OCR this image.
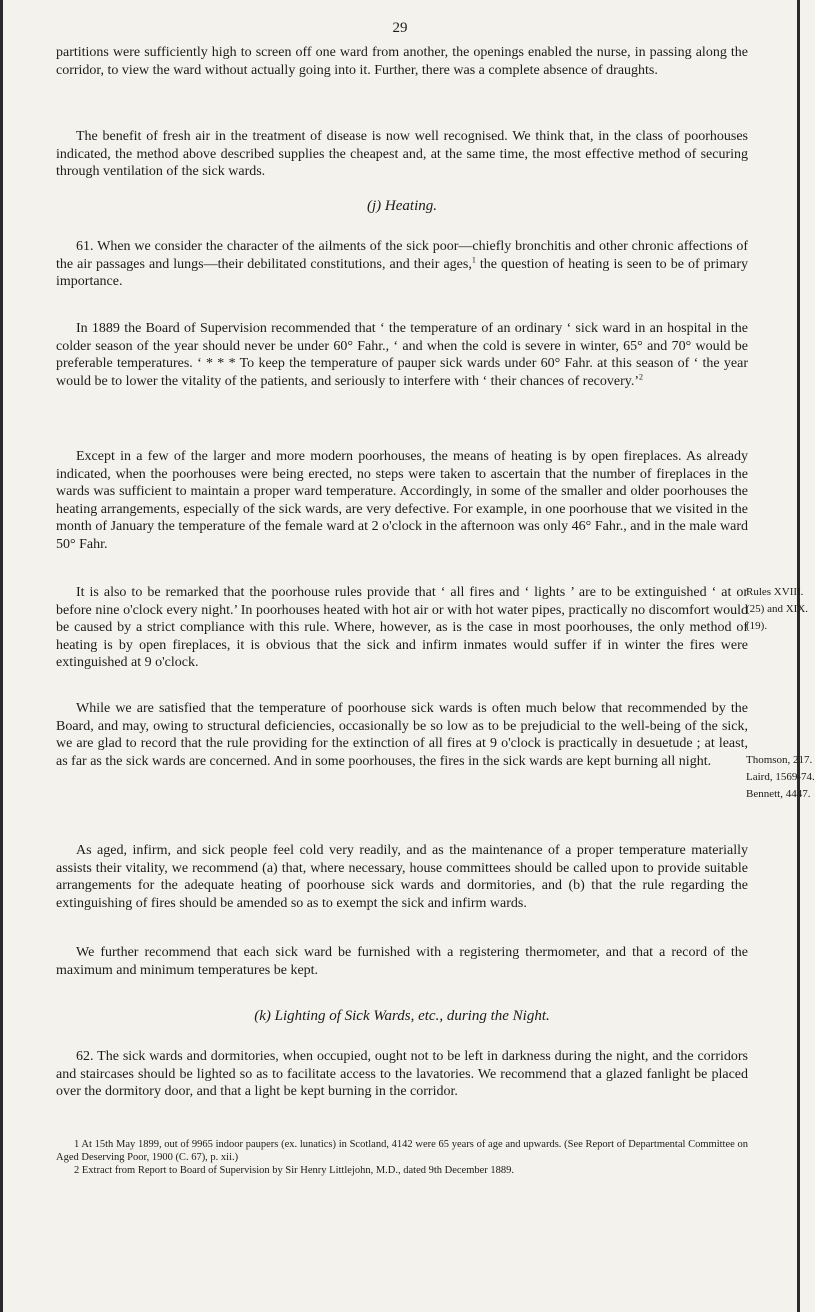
29

partitions were sufficiently high to screen off one ward from another, the openings enabled the nurse, in passing along the corridor, to view the ward without actually going into it. Further, there was a complete absence of draughts.

The benefit of fresh air in the treatment of disease is now well recognised. We think that, in the class of poorhouses indicated, the method above described supplies the cheapest and, at the same time, the most effective method of securing through ventilation of the sick wards.

(j) Heating.

61. When we consider the character of the ailments of the sick poor—chiefly bronchitis and other chronic affections of the air passages and lungs—their debilitated constitutions, and their ages,$^1$ the question of heating is seen to be of primary importance.

In 1889 the Board of Supervision recommended that ‘ the temperature of an ordinary ‘ sick ward in an hospital in the colder season of the year should never be under 60° Fahr., ‘ and when the cold is severe in winter, 65° and 70° would be preferable temperatures. ‘ * * * To keep the temperature of pauper sick wards under 60° Fahr. at this season of ‘ the year would be to lower the vitality of the patients, and seriously to interfere with ‘ their chances of recovery.’$^2$

Except in a few of the larger and more modern poorhouses, the means of heating is by open fireplaces. As already indicated, when the poorhouses were being erected, no steps were taken to ascertain that the number of fireplaces in the wards was sufficient to maintain a proper ward temperature. Accordingly, in some of the smaller and older poorhouses the heating arrangements, especially of the sick wards, are very defective. For example, in one poorhouse that we visited in the month of January the temperature of the female ward at 2 o'clock in the afternoon was only 46° Fahr., and in the male ward 50° Fahr.

It is also to be remarked that the poorhouse rules provide that ‘ all fires and ‘ lights ’ are to be extinguished ‘ at or before nine o'clock every night.’ In poorhouses heated with hot air or with hot water pipes, practically no discomfort would be caused by a strict compliance with this rule. Where, however, as is the case in most poorhouses, the only method of heating is by open fireplaces, it is obvious that the sick and infirm inmates would suffer if in winter the fires were extinguished at 9 o'clock.

Rules XVIII.
(25) and XIX.
(19).

While we are satisfied that the temperature of poorhouse sick wards is often much below that recommended by the Board, and may, owing to structural deficiencies, occasionally be so low as to be prejudicial to the well-being of the sick, we are glad to record that the rule providing for the extinction of all fires at 9 o'clock is practically in desuetude ; at least, as far as the sick wards are concerned. And in some poorhouses, the fires in the sick wards are kept burning all night.	Thomson, 217.
Laird, 1569-74.
Bennett, 4447.

As aged, infirm, and sick people feel cold very readily, and as the maintenance of a proper temperature materially assists their vitality, we recommend (a) that, where necessary, house committees should be called upon to provide suitable arrangements for the adequate heating of poorhouse sick wards and dormitories, and (b) that the rule regarding the extinguishing of fires should be amended so as to exempt the sick and infirm wards.

We further recommend that each sick ward be furnished with a registering thermometer, and that a record of the maximum and minimum temperatures be kept.

(k) Lighting of Sick Wards, etc., during the Night.

62. The sick wards and dormitories, when occupied, ought not to be left in darkness during the night, and the corridors and staircases should be lighted so as to facilitate access to the lavatories. We recommend that a glazed fanlight be placed over the dormitory door, and that a light be kept burning in the corridor.

1 At 15th May 1899, out of 9965 indoor paupers (ex. lunatics) in Scotland, 4142 were 65 years of age and upwards. (See Report of Departmental Committee on Aged Deserving Poor, 1900 (C. 67), p. xii.)

2 Extract from Report to Board of Supervision by Sir Henry Littlejohn, M.D., dated 9th December 1889.
